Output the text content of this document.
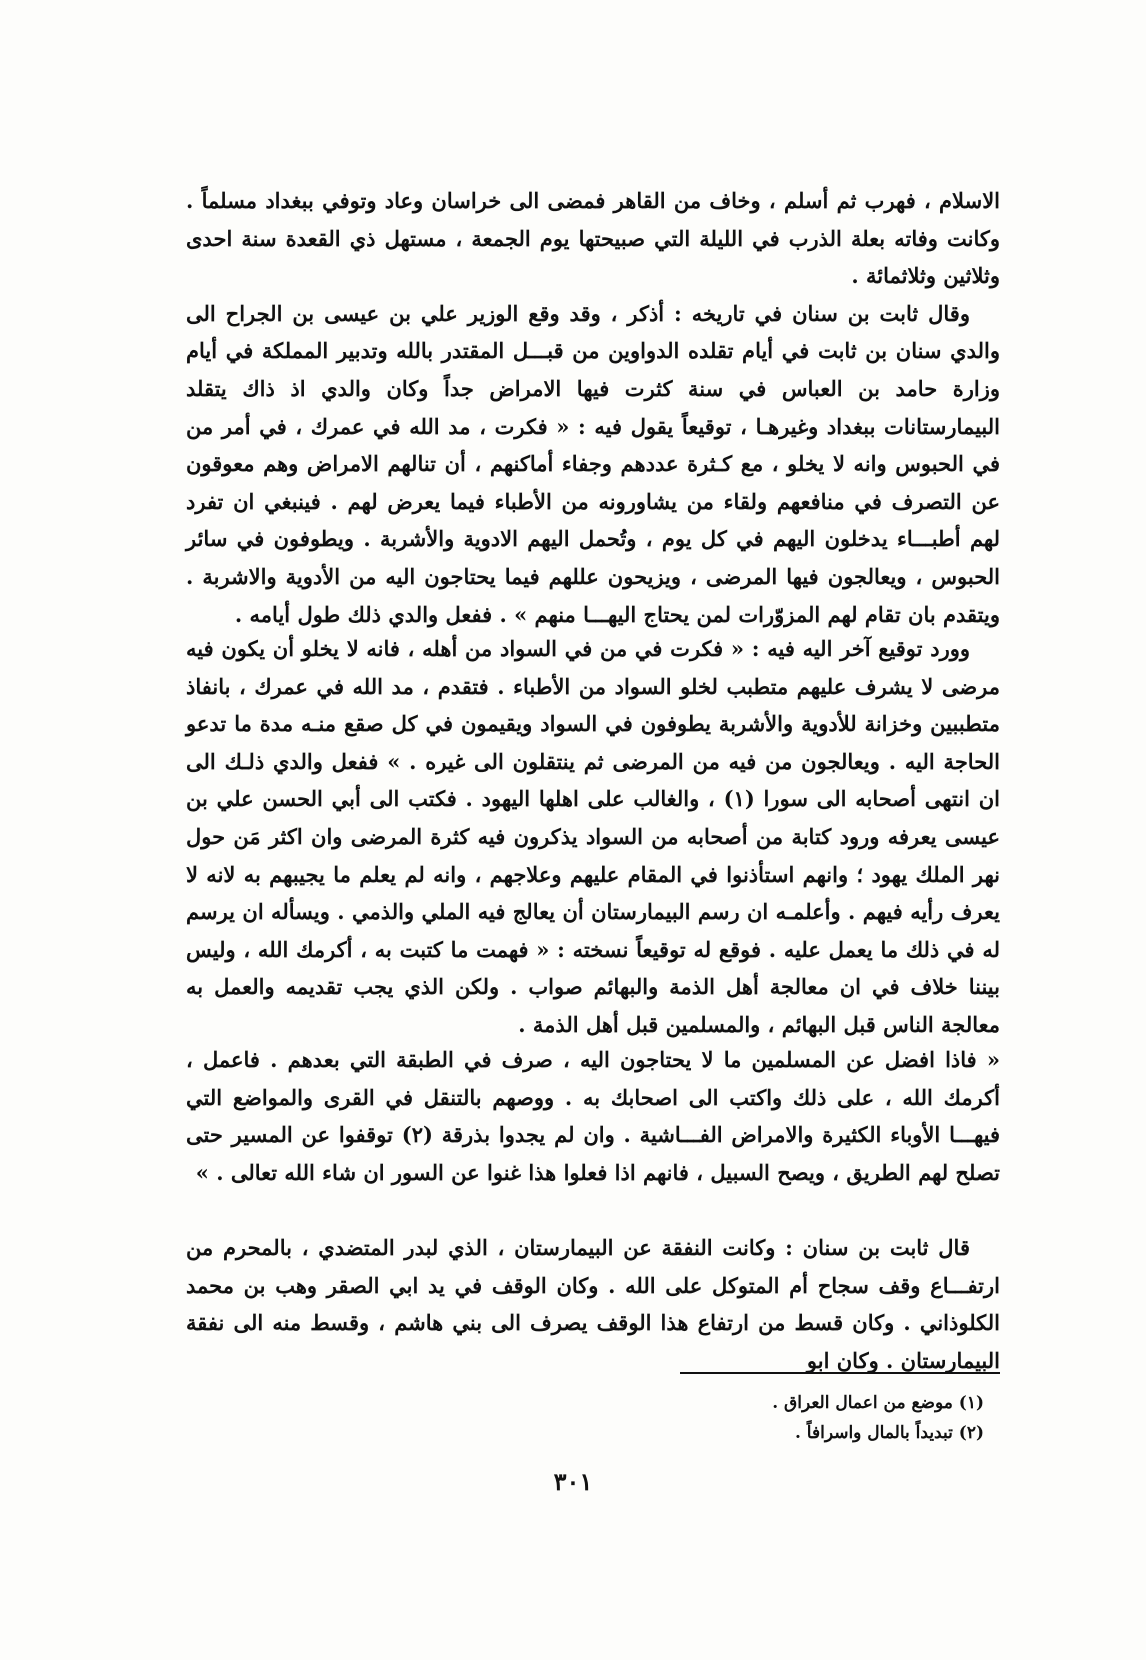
الاسلام ، فهرب ثم أسلم ، وخاف من القاهر فمضى الى خراسان وعاد وتوفي ببغداد مسلماً . وكانت وفاته بعلة الذرب في الليلة التي صبيحتها يوم الجمعة ، مستهل ذي القعدة سنة احدى وثلاثين وثلاثمائة .

وقال ثابت بن سنان في تاريخه : أذكر ، وقد وقع الوزير علي بن عيسى بن الجراح الى والدي سنان بن ثابت في أيام تقلده الدواوين من قبـــل المقتدر بالله وتدبير المملكة في أيام وزارة حامد بن العباس في سنة كثرت فيها الامراض جداً وكان والدي اذ ذاك يتقلد البيمارستانات ببغداد وغيرهـا ، توقيعاً يقول فيه : « فكرت ، مد الله في عمرك ، في أمر من في الحبوس وانه لا يخلو ، مع كـثرة عددهم وجفاء أماكنهم ، أن تنالهم الامراض وهم معوقون عن التصرف في منافعهم ولقاء من يشاورونه من الأطباء فيما يعرض لهم . فينبغي ان تفرد لهم أطبـــاء يدخلون اليهم في كل يوم ، وتُحمل اليهم الادوية والأشربة . ويطوفون في سائر الحبوس ، ويعالجون فيها المرضى ، ويزيحون عللهم فيما يحتاجون اليه من الأدوية والاشربة . ويتقدم بان تقام لهم المزوّرات لمن يحتاج اليهـــا منهم » . ففعل والدي ذلك طول أيامه .

وورد توقيع آخر اليه فيه : « فكرت في من في السواد من أهله ، فانه لا يخلو أن يكون فيه مرضى لا يشرف عليهم متطبب لخلو السواد من الأطباء . فتقدم ، مد الله في عمرك ، بانفاذ متطببين وخزانة للأدوية والأشربة يطوفون في السواد ويقيمون في كل صقع منـه مدة ما تدعو الحاجة اليه . ويعالجون من فيه من المرضى ثم ينتقلون الى غيره . » ففعل والدي ذلـك الى ان انتهى أصحابه الى سورا (١) ، والغالب على اهلها اليهود . فكتب الى أبي الحسن علي بن عيسى يعرفه ورود كتابة من أصحابه من السواد يذكرون فيه كثرة المرضى وان اكثر مَن حول نهر الملك يهود ؛ وانهم استأذنوا في المقام عليهم وعلاجهم ، وانه لم يعلم ما يجيبهم به لانه لا يعرف رأيه فيهم . وأعلمـه ان رسم البيمارستان أن يعالج فيه الملي والذمي . ويسأله ان يرسم له في ذلك ما يعمل عليه . فوقع له توقيعاً نسخته : « فهمت ما كتبت به ، أكرمك الله ، وليس بيننا خلاف في ان معالجة أهل الذمة والبهائم صواب . ولكن الذي يجب تقديمه والعمل به معالجة الناس قبل البهائم ، والمسلمين قبل أهل الذمة .

« فاذا افضل عن المسلمين ما لا يحتاجون اليه ، صرف في الطبقة التي بعدهم . فاعمل ، أكرمك الله ، على ذلك واكتب الى اصحابك به . ووصهم بالتنقل في القرى والمواضع التي فيهـــا الأوباء الكثيرة والامراض الفـــاشية . وان لم يجدوا بذرقة (٢) توقفوا عن المسير حتى تصلح لهم الطريق ، ويصح السبيل ، فانهم اذا فعلوا هذا غنوا عن السور ان شاء الله تعالى . »

قال ثابت بن سنان : وكانت النفقة عن البيمارستان ، الذي لبدر المتضدي ، بالمحرم من ارتفـــاع وقف سجاح أم المتوكل على الله . وكان الوقف في يد ابي الصقر وهب بن محمد الكلوذاني . وكان قسط من ارتفاع هذا الوقف يصرف الى بني هاشم ، وقسط منه الى نفقة البيمارستان . وكان ابو

(١) موضع من اعمال العراق .
(٢) تبديداً بالمال واسرافاً .
٣٠١
